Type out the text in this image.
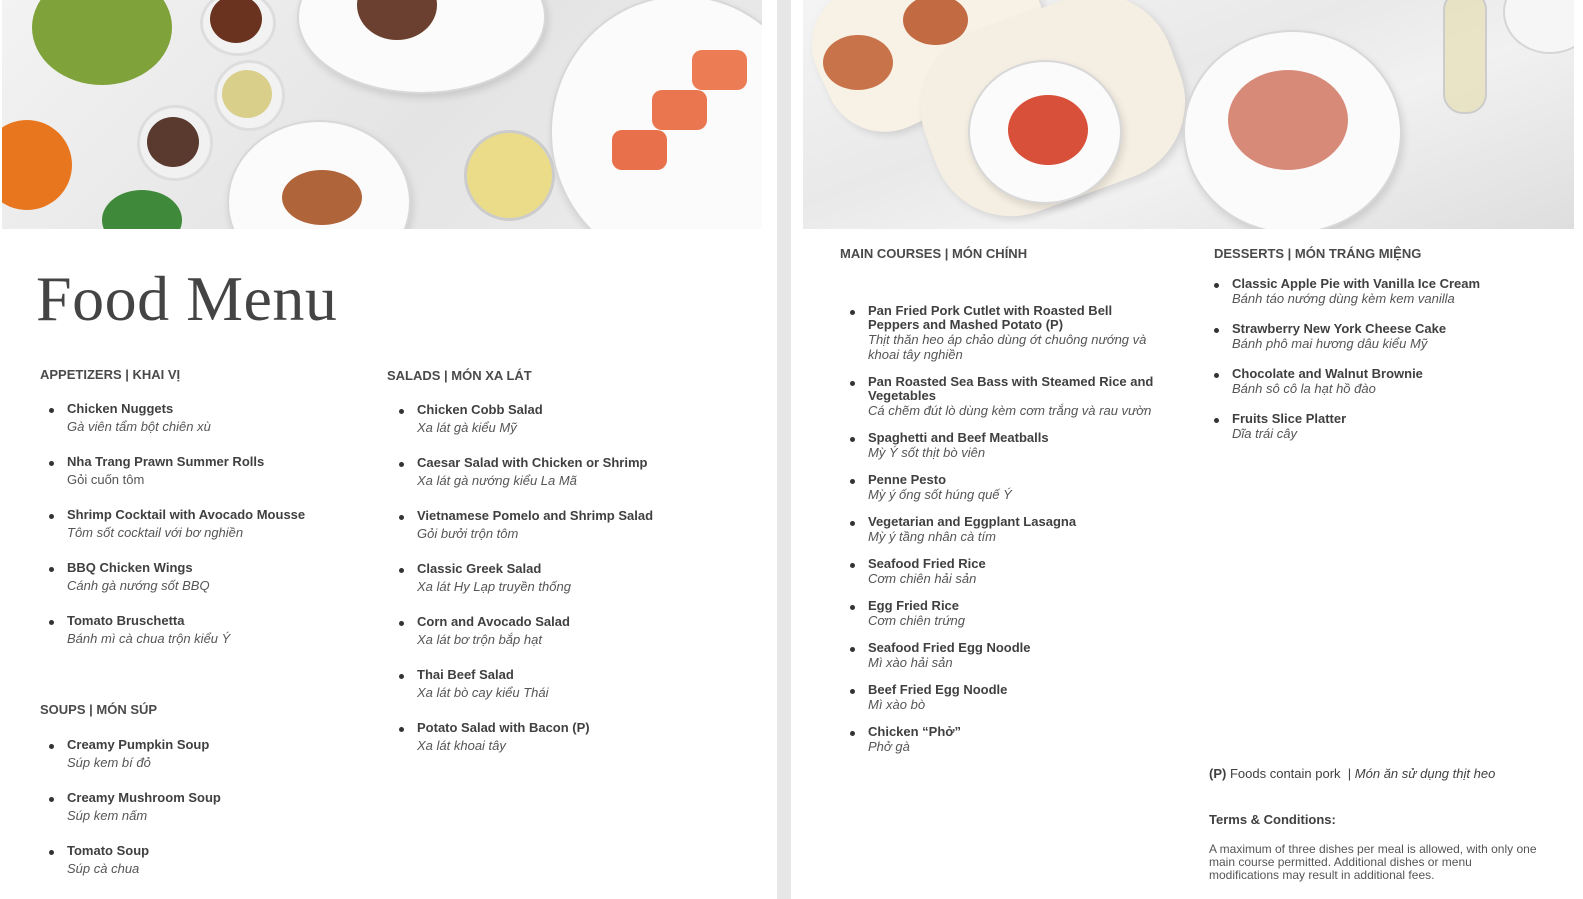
Food Menu
APPETIZERS | KHAI VỊ
Chicken Nuggets
Gà viên tẩm bột chiên xù
Nha Trang Prawn Summer Rolls
Gỏi cuốn tôm
Shrimp Cocktail with Avocado Mousse
Tôm sốt cocktail với bơ nghiền
BBQ Chicken Wings
Cánh gà nướng sốt BBQ
Tomato Bruschetta
Bánh mì cà chua trộn kiểu Ý
SOUPS | MÓN SÚP
Creamy Pumpkin Soup
Súp kem bí đỏ
Creamy Mushroom Soup
Súp kem nấm
Tomato Soup
Súp cà chua
SALADS | MÓN XA LÁT
Chicken Cobb Salad
Xa lát gà kiểu Mỹ
Caesar Salad with Chicken or Shrimp
Xa lát gà nướng kiểu La Mã
Vietnamese Pomelo and Shrimp Salad
Gỏi bưởi trộn tôm
Classic Greek Salad
Xa lát Hy Lạp truyền thống
Corn and Avocado Salad
Xa lát bơ trộn bắp hạt
Thai Beef Salad
Xa lát bò cay kiểu Thái
Potato Salad with Bacon (P)
Xa lát khoai tây
MAIN COURSES | MÓN CHÍNH
Pan Fried Pork Cutlet with Roasted Bell Peppers and Mashed Potato (P)
Thịt thăn heo áp chảo dùng ớt chuông nướng và khoai tây nghiền
Pan Roasted Sea Bass with Steamed Rice and Vegetables
Cá chẽm đút lò dùng kèm cơm trắng và rau vườn
Spaghetti and Beef Meatballs
Mỳ Ý sốt thịt bò viên
Penne Pesto
Mỳ ý ống sốt húng quế Ý
Vegetarian and Eggplant Lasagna
Mỳ ý tầng nhân cà tím
Seafood Fried Rice
Cơm chiên hải sản
Egg Fried Rice
Cơm chiên trứng
Seafood Fried Egg Noodle
Mì xào hải sản
Beef Fried Egg Noodle
Mì xào bò
Chicken “Phở”
Phở gà
DESSERTS | MÓN TRÁNG MIỆNG
Classic Apple Pie with Vanilla Ice Cream
Bánh táo nướng dùng kèm kem vanilla
Strawberry New York Cheese Cake
Bánh phô mai hương dâu kiểu Mỹ
Chocolate and Walnut Brownie
Bánh sô cô la hạt hồ đào
Fruits Slice Platter
Dĩa trái cây
(P) Foods contain pork | Món ăn sử dụng thịt heo
Terms & Conditions:

A maximum of three dishes per meal is allowed, with only one main course permitted. Additional dishes or menu modifications may result in additional fees.
